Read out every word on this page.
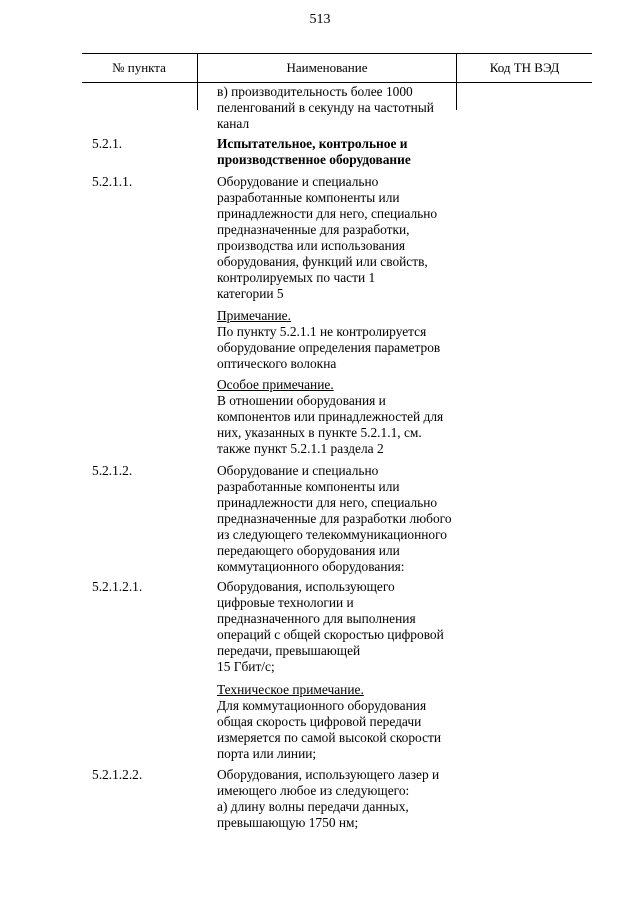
513
№ пункта	Наименование	Код ТН ВЭД
в) производительность более 1000
пеленгований в секунду на частотный
канал
5.2.1.	Испытательное, контрольное и
производственное оборудование
5.2.1.1.	Оборудование и специально
разработанные компоненты или
принадлежности для него, специально
предназначенные для разработки,
производства или использования
оборудования, функций или свойств,
контролируемых по части 1
категории 5
Примечание.
По пункту 5.2.1.1 не контролируется
оборудование определения параметров
оптического волокна
Особое примечание.
В отношении оборудования и
компонентов или принадлежностей для
них, указанных в пункте 5.2.1.1, см.
также пункт 5.2.1.1 раздела 2
5.2.1.2.	Оборудование и специально
разработанные компоненты или
принадлежности для него, специально
предназначенные для разработки любого
из следующего телекоммуникационного
передающего оборудования или
коммутационного оборудования:
5.2.1.2.1.	Оборудования, использующего
цифровые технологии и
предназначенного для выполнения
операций с общей скоростью цифровой
передачи, превышающей
15 Гбит/с;
Техническое примечание.
Для коммутационного оборудования
общая скорость цифровой передачи
измеряется по самой высокой скорости
порта или линии;
5.2.1.2.2.	Оборудования, использующего лазер и
имеющего любое из следующего:
а) длину волны передачи данных,
превышающую 1750 нм;
